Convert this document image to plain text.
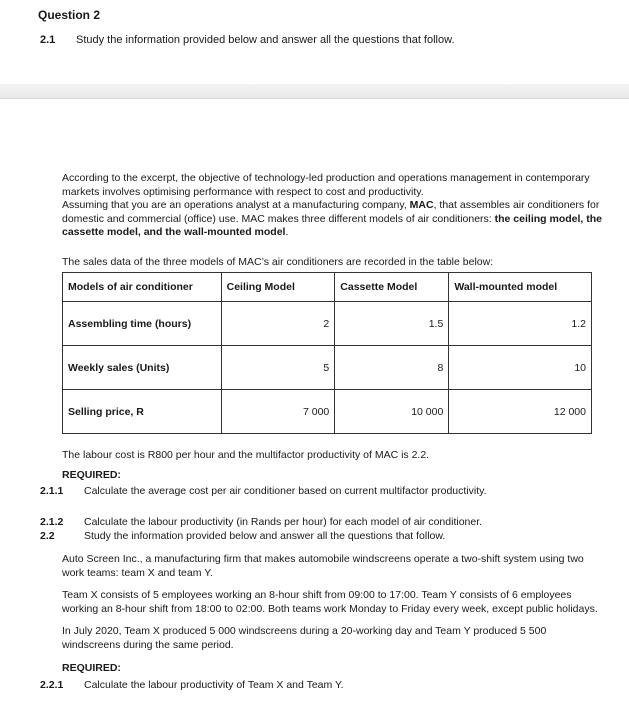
Question 2
2.1 Study the information provided below and answer all the questions that follow.
According to the excerpt, the objective of technology-led production and operations management in contemporary markets involves optimising performance with respect to cost and productivity.
Assuming that you are an operations analyst at a manufacturing company, MAC, that assembles air conditioners for domestic and commercial (office) use. MAC makes three different models of air conditioners: the ceiling model, the cassette model, and the wall-mounted model.
The sales data of the three models of MAC’s air conditioners are recorded in the table below:
Models of air conditioner	Ceiling Model	Cassette Model	Wall-mounted model
Assembling time (hours)	2	1.5	1.2
Weekly sales (Units)	5	8	10
Selling price, R	7 000	10 000	12 000
The labour cost is R800 per hour and the multifactor productivity of MAC is 2.2.
REQUIRED:
2.1.1 Calculate the average cost per air conditioner based on current multifactor productivity.
2.1.2 Calculate the labour productivity (in Rands per hour) for each model of air conditioner.
2.2	Study the information provided below and answer all the questions that follow.
Auto Screen Inc., a manufacturing firm that makes automobile windscreens operate a two-shift system using two work teams: team X and team Y.
Team X consists of 5 employees working an 8-hour shift from 09:00 to 17:00. Team Y consists of 6 employees working an 8-hour shift from 18:00 to 02:00. Both teams work Monday to Friday every week, except public holidays.
In July 2020, Team X produced 5 000 windscreens during a 20-working day and Team Y produced 5 500 windscreens during the same period.
REQUIRED:
2.2.1 Calculate the labour productivity of Team X and Team Y.
